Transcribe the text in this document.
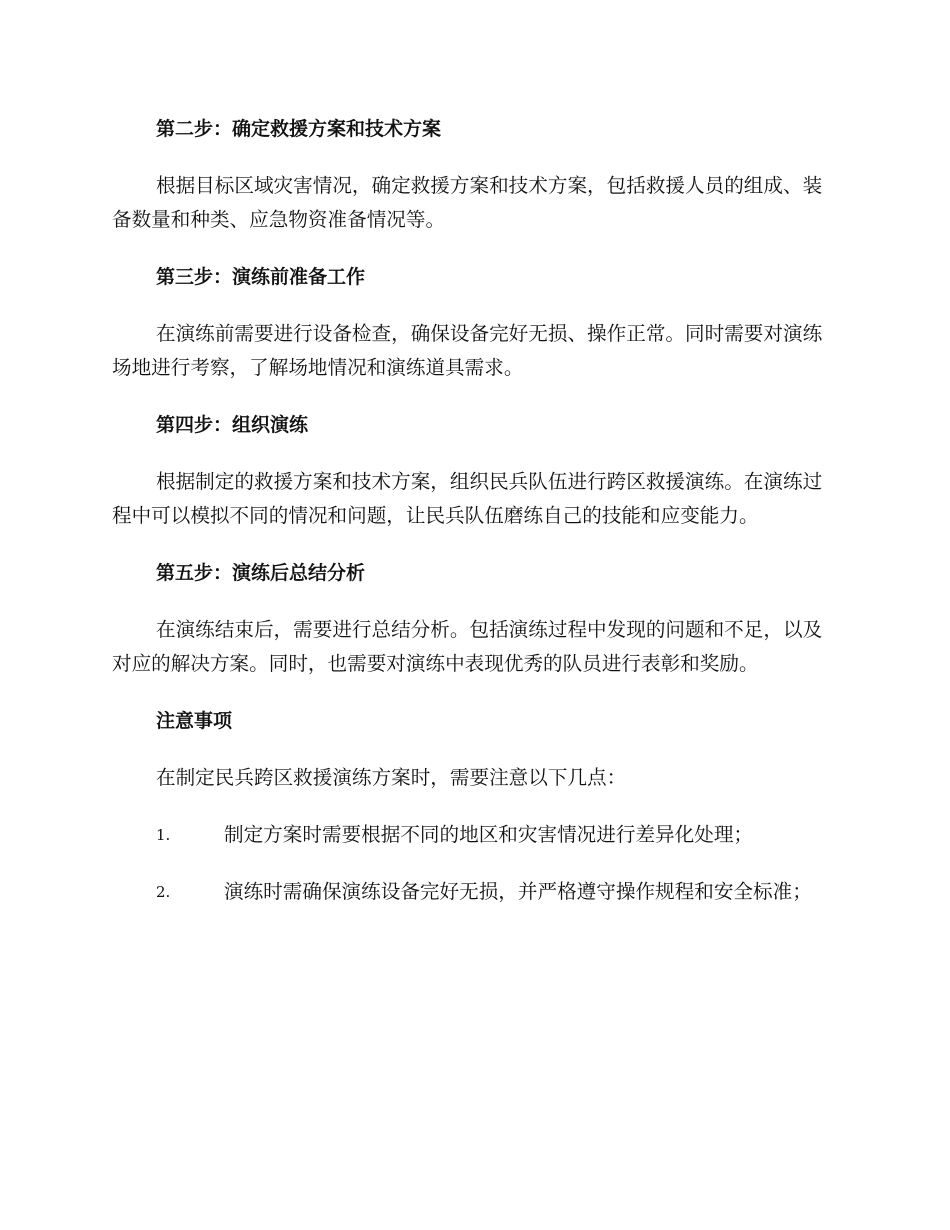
第二步：确定救援方案和技术方案
根据目标区域灾害情况，确定救援方案和技术方案，包括救援人员的组成、装备数量和种类、应急物资准备情况等。
第三步：演练前准备工作
在演练前需要进行设备检查，确保设备完好无损、操作正常。同时需要对演练场地进行考察，了解场地情况和演练道具需求。
第四步：组织演练
根据制定的救援方案和技术方案，组织民兵队伍进行跨区救援演练。在演练过程中可以模拟不同的情况和问题，让民兵队伍磨练自己的技能和应变能力。
第五步：演练后总结分析
在演练结束后，需要进行总结分析。包括演练过程中发现的问题和不足，以及对应的解决方案。同时，也需要对演练中表现优秀的队员进行表彰和奖励。
注意事项
在制定民兵跨区救援演练方案时，需要注意以下几点：
1.	制定方案时需要根据不同的地区和灾害情况进行差异化处理；
2.	演练时需确保演练设备完好无损，并严格遵守操作规程和安全标准；
